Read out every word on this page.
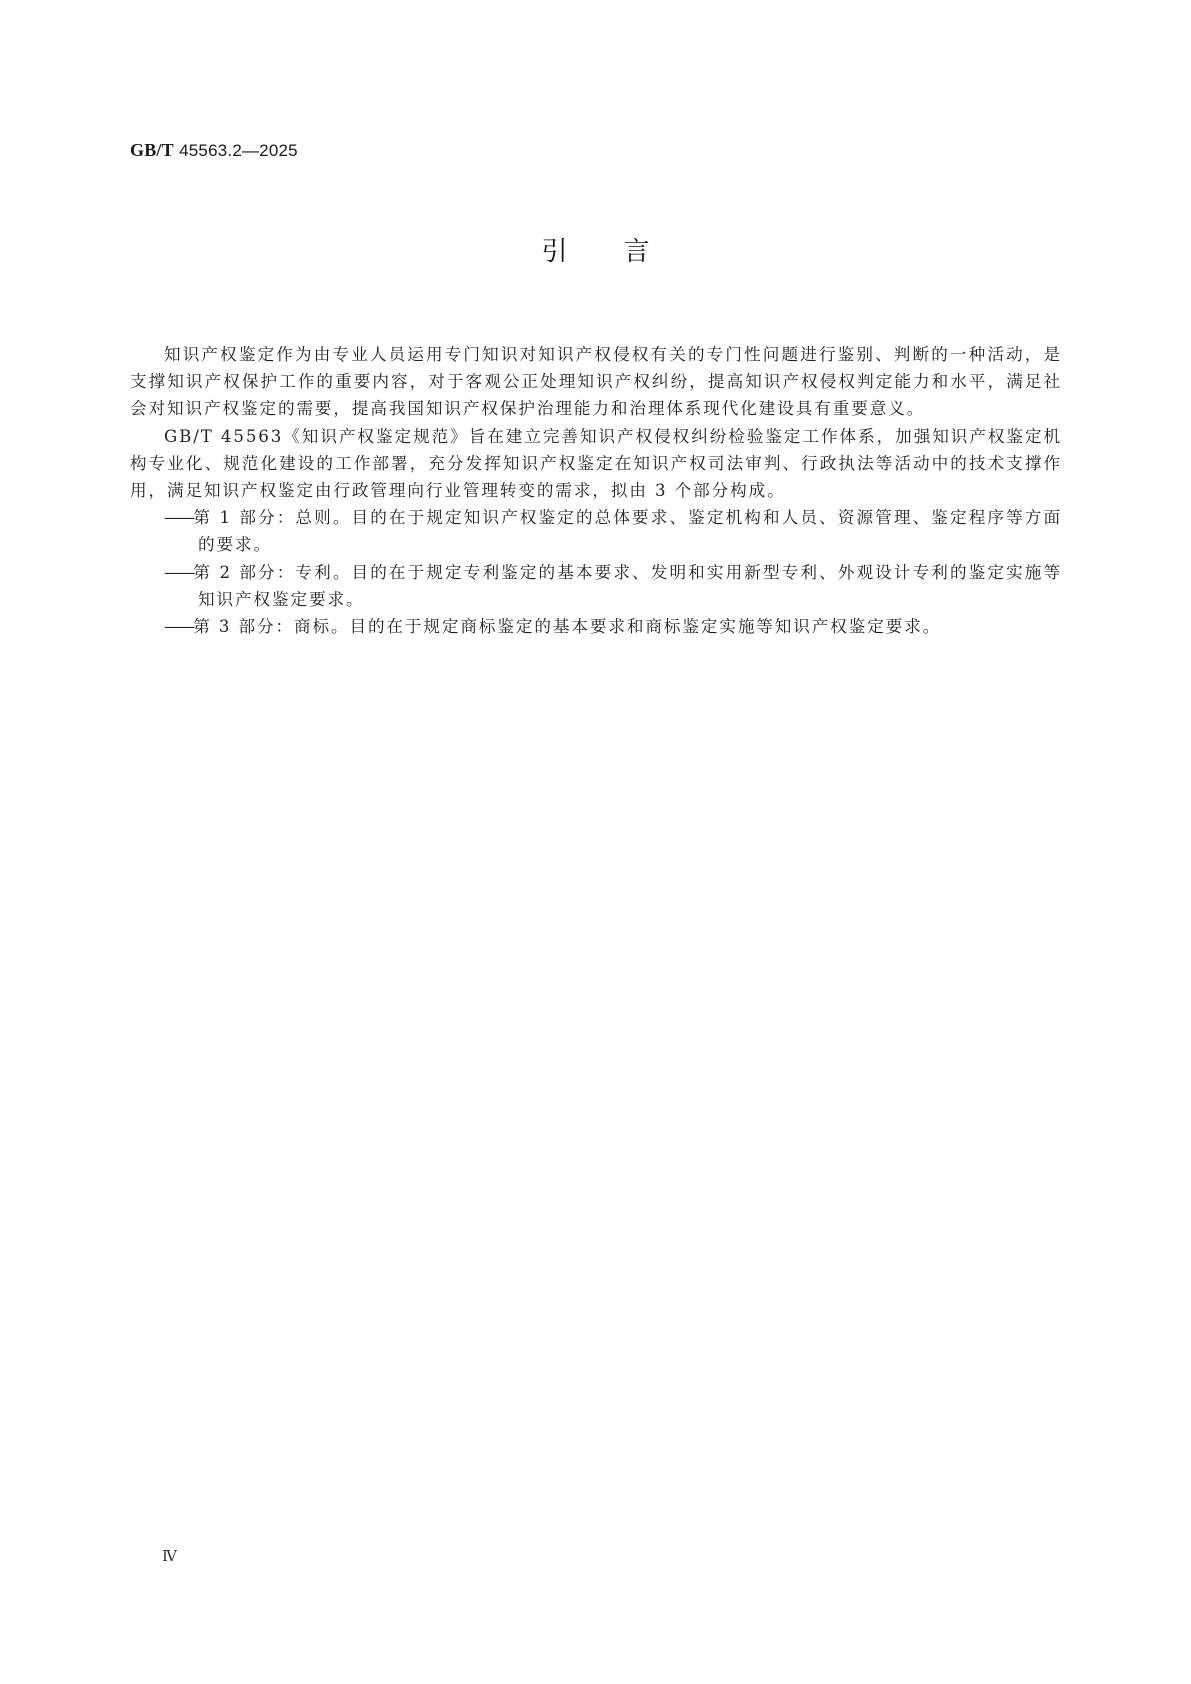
GB/T 45563.2—2025
引言

知识产权鉴定作为由专业人员运用专门知识对知识产权侵权有关的专门性问题进行鉴别、判断的一种活动，是支撑知识产权保护工作的重要内容，对于客观公正处理知识产权纠纷，提高知识产权侵权判定能力和水平，满足社会对知识产权鉴定的需要，提高我国知识产权保护治理能力和治理体系现代化建设具有重要意义。

GB/T 45563《知识产权鉴定规范》旨在建立完善知识产权侵权纠纷检验鉴定工作体系，加强知识产权鉴定机构专业化、规范化建设的工作部署，充分发挥知识产权鉴定在知识产权司法审判、行政执法等活动中的技术支撑作用，满足知识产权鉴定由行政管理向行业管理转变的需求，拟由 3 个部分构成。

——第 1 部分：总则。目的在于规定知识产权鉴定的总体要求、鉴定机构和人员、资源管理、鉴定程序等方面的要求。
——第 2 部分：专利。目的在于规定专利鉴定的基本要求、发明和实用新型专利、外观设计专利的鉴定实施等知识产权鉴定要求。
——第 3 部分：商标。目的在于规定商标鉴定的基本要求和商标鉴定实施等知识产权鉴定要求。
Ⅳ
